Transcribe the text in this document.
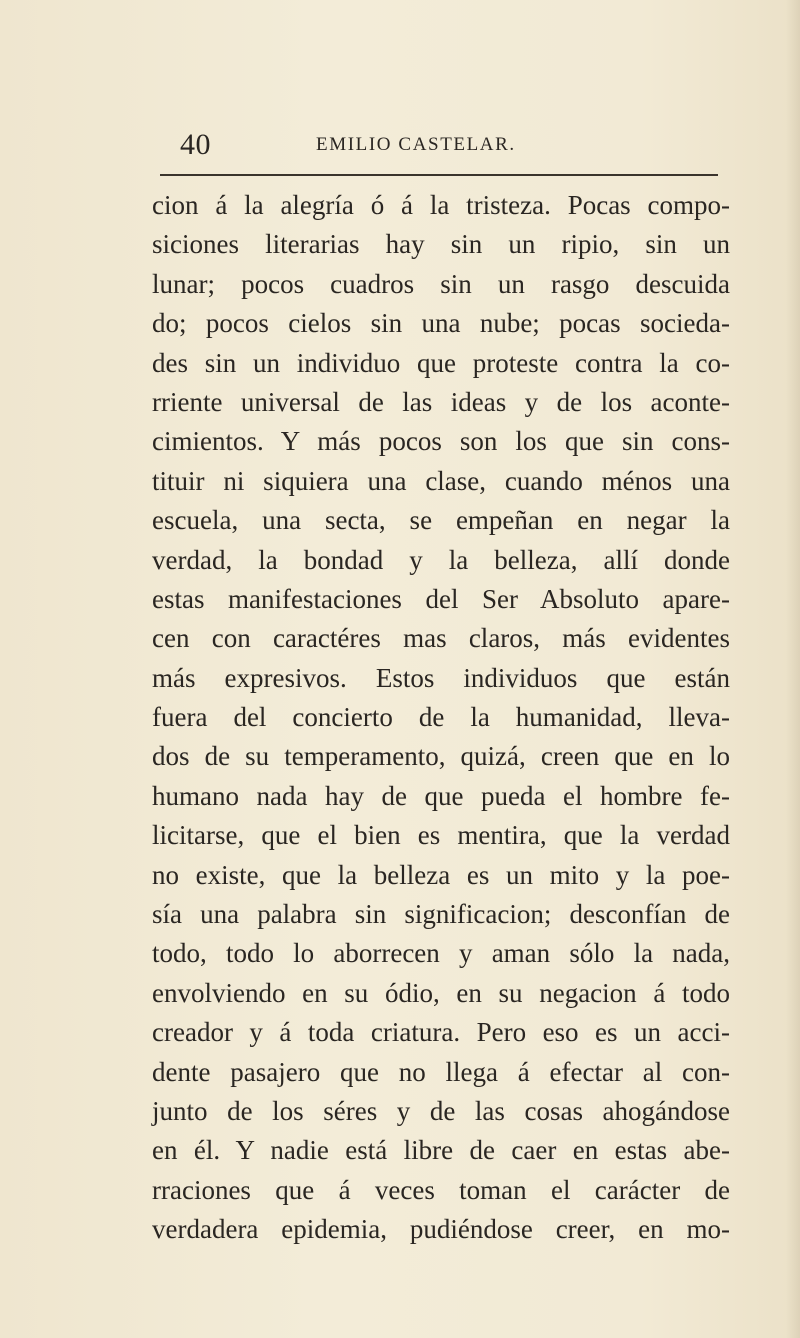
40	EMILIO CASTELAR.
cion á la alegría ó á la tristeza. Pocas compo-
siciones literarias hay sin un ripio, sin un
lunar; pocos cuadros sin un rasgo descuida
do; pocos cielos sin una nube; pocas socieda-
des sin un individuo que proteste contra la co-
rriente universal de las ideas y de los aconte-
cimientos. Y más pocos son los que sin cons-
tituir ni siquiera una clase, cuando ménos una
escuela, una secta, se empeñan en negar la
verdad, la bondad y la belleza, allí donde
estas manifestaciones del Ser Absoluto apare-
cen con caractéres mas claros, más evidentes
más expresivos. Estos individuos que están
fuera del concierto de la humanidad, lleva-
dos de su temperamento, quizá, creen que en lo
humano nada hay de que pueda el hombre fe-
licitarse, que el bien es mentira, que la verdad
no existe, que la belleza es un mito y la poe-
sía una palabra sin significacion; desconfían de
todo, todo lo aborrecen y aman sólo la nada,
envolviendo en su ódio, en su negacion á todo
creador y á toda criatura. Pero eso es un acci-
dente pasajero que no llega á efectar al con-
junto de los séres y de las cosas ahogándose
en él. Y nadie está libre de caer en estas abe-
rraciones que á veces toman el carácter de
verdadera epidemia, pudiéndose creer, en mo-
